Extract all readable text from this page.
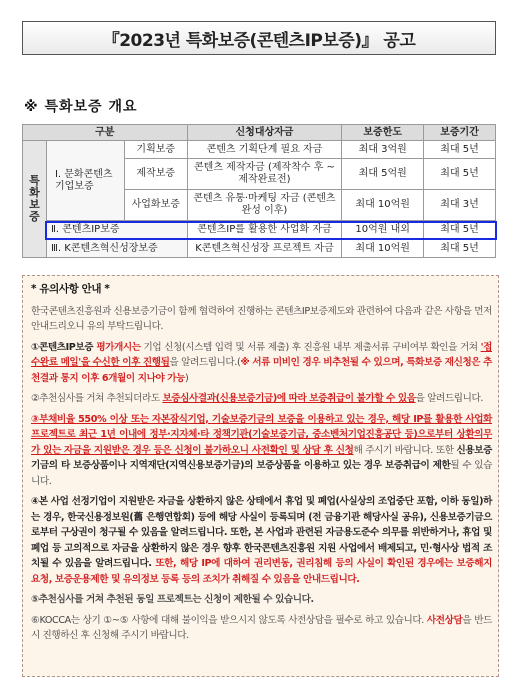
『2023년 특화보증(콘텐츠IP보증)』 공고
※ 특화보증 개요
구분			신청대상자금	보증한도	보증기간
특화보증	Ⅰ. 문화콘텐츠 기업보증	기획보증	콘텐츠 기획단계 필요 자금	최대 3억원	최대 5년
		제작보증	콘텐츠 제작자금 (제작착수 후 ~ 제작완료전)	최대 5억원	최대 5년
		사업화보증	콘텐츠 유통·마케팅 자금 (콘텐츠 완성 이후)	최대 10억원	최대 3년
	Ⅱ. 콘텐츠IP보증		콘텐츠IP를 활용한 사업화 자금	10억원 내외	최대 5년
	Ⅲ. K콘텐츠혁신성장보증		K콘텐츠혁신성장 프로젝트 자금	최대 10억원	최대 5년
* 유의사항 안내 *

한국콘텐츠진흥원과 신용보증기금이 함께 협력하여 진행하는 콘텐츠IP보증제도와 관련하여 다음과 같은 사항을 먼저 안내드리오니 유의 부탁드립니다.

①콘텐츠IP보증 평가개시는 기업 신청(시스템 입력 및 서류 제출) 후 진흥원 내부 제출서류 구비여부 확인을 거쳐 '접수완료 메일'을 수신한 이후 진행됨을 알려드립니다.(※ 서류 미비인 경우 비추천될 수 있으며, 특화보증 재신청은 추천결과 통지 이후 6개월이 지나야 가능)

②추천심사를 거쳐 추천되더라도 보증심사결과(신용보증기금)에 따라 보증취급이 불가할 수 있음을 알려드립니다.

③부채비율 550% 이상 또는 자본잠식기업, 기술보증기금의 보증을 이용하고 있는 경우, 해당 IP를 활용한 사업화 프로젝트로 최근 1년 이내에 정부·지자체·타 정책기관(기술보증기금, 중소벤처기업진흥공단 등)으로부터 상환의무가 있는 자금을 지원받은 경우 등은 신청이 불가하오니 사전확인 및 상담 후 신청해 주시기 바랍니다. 또한 신용보증기금의 타 보증상품이나 지역재단(지역신용보증기금)의 보증상품을 이용하고 있는 경우 보증취급이 제한될 수 있습니다.

④본 사업 선정기업이 지원받은 자금을 상환하지 않은 상태에서 휴업 및 폐업(사실상의 조업중단 포함, 이하 동일)하는 경우, 한국신용정보원(舊 은행연합회) 등에 해당 사실이 등록되며 (전 금융기관 해당사실 공유), 신용보증기금으로부터 구상권이 청구될 수 있음을 알려드립니다. 또한, 본 사업과 관련된 자금용도준수 의무를 위반하거나, 휴업 및 폐업 등 고의적으로 자금을 상환하지 않은 경우 향후 한국콘텐츠진흥원 지원 사업에서 배제되고, 민·형사상 법적 조치될 수 있음을 알려드립니다. 또한, 해당 IP에 대하여 권리변동, 권리침해 등의 사실이 확인된 경우에는 보증해지 요청, 보증운용제한 및 유의정보 등록 등의 조치가 취해질 수 있음을 안내드립니다.

⑤추천심사를 거쳐 추천된 동일 프로젝트는 신청이 제한될 수 있습니다.

⑥KOCCA는 상기 ①~⑤ 사항에 대해 불이익을 받으시지 않도록 사전상담을 필수로 하고 있습니다. 사전상담을 반드시 진행하신 후 신청해 주시기 바랍니다.
